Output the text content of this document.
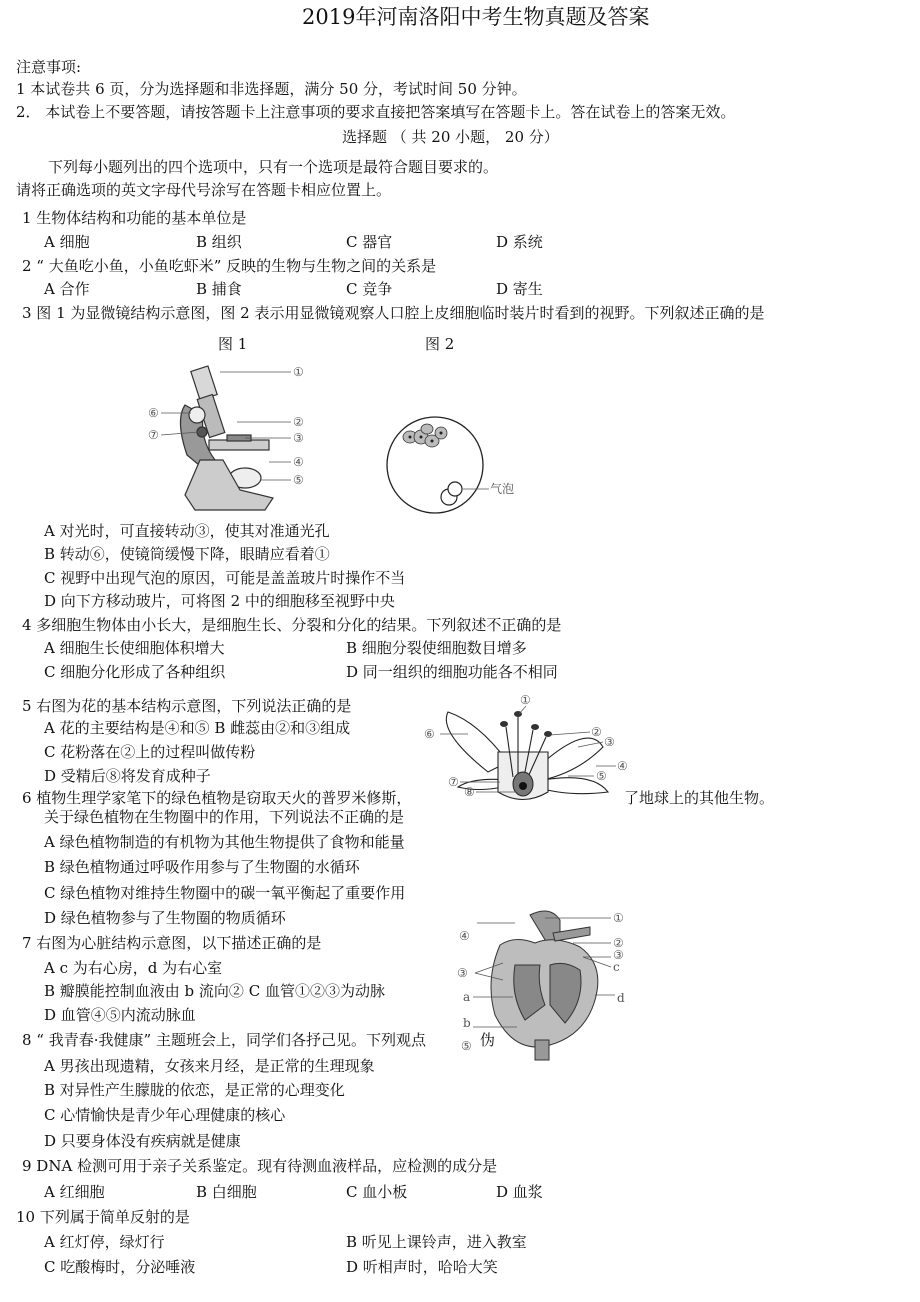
2019年河南洛阳中考生物真题及答案
注意事项:
1 本试卷共 6 页，分为选择题和非选择题，满分 50 分，考试时间 50 分钟。
2． 本试卷上不要答题，请按答题卡上注意事项的要求直接把答案填写在答题卡上。答在试卷上的答案无效。
选择题 （ 共 20 小题， 20 分）
下列每小题列出的四个选项中，只有一个选项是最符合题目要求的。
请将正确选项的英文字母代号涂写在答题卡相应位置上。
1 生物体结构和功能的基本单位是
A 细胞	B 组织	C 器官	D 系统
2 “ 大鱼吃小鱼，小鱼吃虾米” 反映的生物与生物之间的关系是
A 合作	B 捕食	C 竞争	D 寄生
3 图 1 为显微镜结构示意图，图 2 表示用显微镜观察人口腔上皮细胞临时装片时看到的视野。下列叙述正确的是
图 1	图 2
①
②
③
④
⑤
⑥
⑦
气泡
A 对光时，可直接转动③，使其对准通光孔
B 转动⑥，使镜筒缓慢下降，眼睛应看着①
C 视野中出现气泡的原因，可能是盖盖玻片时操作不当
D 向下方移动玻片，可将图 2 中的细胞移至视野中央
4 多细胞生物体由小长大，是细胞生长、分裂和分化的结果。下列叙述不正确的是
A 细胞生长使细胞体积增大	B 细胞分裂使细胞数目增多
C 细胞分化形成了各种组织	D 同一组织的细胞功能各不相同
5 右图为花的基本结构示意图，下列说法正确的是
A 花的主要结构是④和⑤ B 雌蕊由②和③组成
C 花粉落在②上的过程叫做传粉
D 受精后⑧将发育成种子
①
②
③
④
⑤
⑥
⑦
⑧
6 植物生理学家笔下的绿色植物是窃取天火的普罗米修斯，	了地球上的其他生物。
关于绿色植物在生物圈中的作用，下列说法不正确的是
A 绿色植物制造的有机物为其他生物提供了食物和能量
B 绿色植物通过呼吸作用参与了生物圈的水循环
C 绿色植物对维持生物圈中的碳一氧平衡起了重要作用
D 绿色植物参与了生物圈的物质循环
7 右图为心脏结构示意图，以下描述正确的是
A c 为右心房，d 为右心室
B 瓣膜能控制血液由 b 流向② C 血管①②③为动脉
D 血管④⑤内流动脉血
①
②
③
④
③
⑤
a
b
c
d
8 “ 我青春·我健康” 主题班会上，同学们各抒己见。下列观点	伪
A 男孩出现遗精，女孩来月经，是正常的生理现象
B 对异性产生朦胧的依恋，是正常的心理变化
C 心情愉快是青少年心理健康的核心
D 只要身体没有疾病就是健康
9 DNA 检测可用于亲子关系鉴定。现有待测血液样品，应检测的成分是
A 红细胞	B 白细胞	C 血小板	D 血浆
10 下列属于简单反射的是
A 红灯停，绿灯行	B 听见上课铃声，进入教室
C 吃酸梅时，分泌唾液	D 听相声时，哈哈大笑
